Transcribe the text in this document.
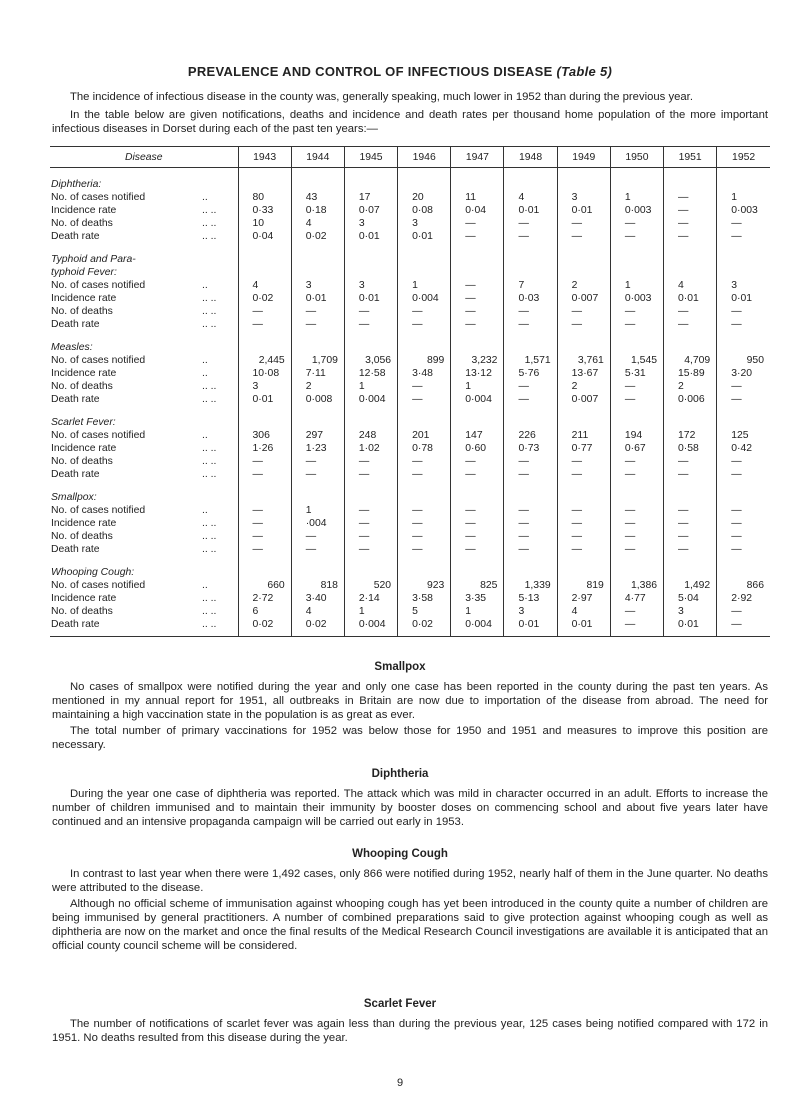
PREVALENCE AND CONTROL OF INFECTIOUS DISEASE (Table 5)

The incidence of infectious disease in the county was, generally speaking, much lower in 1952 than during the previous year.

In the table below are given notifications, deaths and incidence and death rates per thousand home population of the more important infectious diseases in Dorset during each of the past ten years:—

Disease	1943	1944	1945	1946	1947	1948	1949	1950	1951	1952
Diphtheria:										
No. of cases notified ..	80	43	17	20	11	4	3	1	—	1
Incidence rate .. ..	0·33	0·18	0·07	0·08	0·04	0·01	0·01	0·003	—	0·003
No. of deaths .. ..	10	4	3	3	—	—	—	—	—	—
Death rate .. ..	0·04	0·02	0·01	0·01	—	—	—	—	—	—
Typhoid and Para-										
typhoid Fever:										
No. of cases notified ..	4	3	3	1	—	7	2	1	4	3
Incidence rate .. ..	0·02	0·01	0·01	0·004	—	0·03	0·007	0·003	0·01	0·01
No. of deaths .. ..	—	—	—	—	—	—	—	—	—	—
Death rate .. ..	—	—	—	—	—	—	—	—	—	—
Measles:										
No. of cases notified ..	2,445	1,709	3,056	899	3,232	1,571	3,761	1,545	4,709	950
Incidence rate ..	10·08	7·11	12·58	3·48	13·12	5·76	13·67	5·31	15·89	3·20
No. of deaths .. ..	3	2	1	—	1	—	2	—	2	—
Death rate .. ..	0·01	0·008	0·004	—	0·004	—	0·007	—	0·006	—
Scarlet Fever:										
No. of cases notified ..	306	297	248	201	147	226	211	194	172	125
Incidence rate .. ..	1·26	1·23	1·02	0·78	0·60	0·73	0·77	0·67	0·58	0·42
No. of deaths .. ..	—	—	—	—	—	—	—	—	—	—
Death rate .. ..	—	—	—	—	—	—	—	—	—	—
Smallpox:										
No. of cases notified ..	—	1	—	—	—	—	—	—	—	—
Incidence rate .. ..	—	·004	—	—	—	—	—	—	—	—
No. of deaths .. ..	—	—	—	—	—	—	—	—	—	—
Death rate .. ..	—	—	—	—	—	—	—	—	—	—
Whooping Cough:										
No. of cases notified ..	660	818	520	923	825	1,339	819	1,386	1,492	866
Incidence rate .. ..	2·72	3·40	2·14	3·58	3·35	5·13	2·97	4·77	5·04	2·92
No. of deaths .. ..	6	4	1	5	1	3	4	—	3	—
Death rate .. ..	0·02	0·02	0·004	0·02	0·004	0·01	0·01	—	0·01	—
Smallpox

No cases of smallpox were notified during the year and only one case has been reported in the county during the past ten years. As mentioned in my annual report for 1951, all outbreaks in Britain are now due to importation of the disease from abroad. The need for maintaining a high vaccination state in the population is as great as ever.

The total number of primary vaccinations for 1952 was below those for 1950 and 1951 and measures to improve this position are necessary.

Diphtheria

During the year one case of diphtheria was reported. The attack which was mild in character occurred in an adult. Efforts to increase the number of children immunised and to maintain their immunity by booster doses on commencing school and about five years later have continued and an intensive propaganda campaign will be carried out early in 1953.

Whooping Cough

In contrast to last year when there were 1,492 cases, only 866 were notified during 1952, nearly half of them in the June quarter. No deaths were attributed to the disease.

Although no official scheme of immunisation against whooping cough has yet been introduced in the county quite a number of children are being immunised by general practitioners. A number of combined preparations said to give protection against whooping cough as well as diphtheria are now on the market and once the final results of the Medical Research Council investigations are available it is anticipated that an official county council scheme will be considered.

Scarlet Fever

The number of notifications of scarlet fever was again less than during the previous year, 125 cases being notified compared with 172 in 1951. No deaths resulted from this disease during the year.

9
